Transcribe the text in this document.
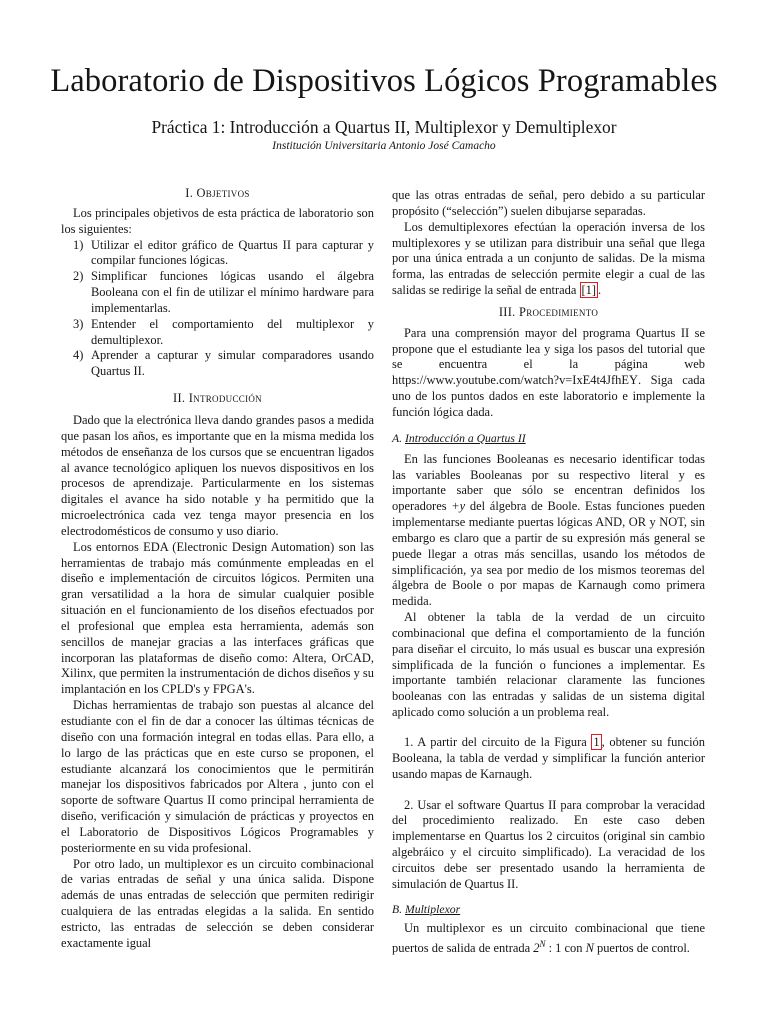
Laboratorio de Dispositivos Lógicos Programables
Práctica 1: Introducción a Quartus II, Multiplexor y Demultiplexor
Institución Universitaria Antonio José Camacho
I. Objetivos

Los principales objetivos de esta práctica de laboratorio son los siguientes:

1) Utilizar el editor gráfico de Quartus II para capturar y compilar funciones lógicas.
2) Simplificar funciones lógicas usando el álgebra Booleana con el fin de utilizar el mínimo hardware para implementarlas.
3) Entender el comportamiento del multiplexor y demultiplexor.
4) Aprender a capturar y simular comparadores usando Quartus II.
II. Introducción

Dado que la electrónica lleva dando grandes pasos a medida que pasan los años, es importante que en la misma medida los métodos de enseñanza de los cursos que se encuentran ligados al avance tecnológico apliquen los nuevos dispositivos en los procesos de aprendizaje. Particularmente en los sistemas digitales el avance ha sido notable y ha permitido que la microelectrónica cada vez tenga mayor presencia en los electrodomésticos de consumo y uso diario.

Los entornos EDA (Electronic Design Automation) son las herramientas de trabajo más comúnmente empleadas en el diseño e implementación de circuitos lógicos. Permiten una gran versatilidad a la hora de simular cualquier posible situación en el funcionamiento de los diseños efectuados por el profesional que emplea esta herramienta, además son sencillos de manejar gracias a las interfaces gráficas que incorporan las plataformas de diseño como: Altera, OrCAD, Xilinx, que permiten la instrumentación de dichos diseños y su implantación en los CPLD's y FPGA's.

Dichas herramientas de trabajo son puestas al alcance del estudiante con el fin de dar a conocer las últimas técnicas de diseño con una formación integral en todas ellas. Para ello, a lo largo de las prácticas que en este curso se proponen, el estudiante alcanzará los conocimientos que le permitirán manejar los dispositivos fabricados por Altera , junto con el soporte de software Quartus II como principal herramienta de diseño, verificación y simulación de prácticas y proyectos en el Laboratorio de Dispositivos Lógicos Programables y posteriormente en su vida profesional.

Por otro lado, un multiplexor es un circuito combinacional de varias entradas de señal y una única salida. Dispone además de unas entradas de selección que permiten redirigir cualquiera de las entradas elegidas a la salida. En sentido estricto, las entradas de selección se deben considerar exactamente igual

que las otras entradas de señal, pero debido a su particular propósito (“selección”) suelen dibujarse separadas.

Los demultiplexores efectúan la operación inversa de los multiplexores y se utilizan para distribuir una señal que llega por una única entrada a un conjunto de salidas. De la misma forma, las entradas de selección permite elegir a cual de las salidas se redirige la señal de entrada [1] .

III. Procedimiento

Para una comprensión mayor del programa Quartus II se propone que el estudiante lea y siga los pasos del tutorial que se encuentra el la página web https://www.youtube.com/watch?v=IxE4t4JfhEY. Siga cada uno de los puntos dados en este laboratorio e implemente la función lógica dada.

A. Introducción a Quartus II

En las funciones Booleanas es necesario identificar todas las variables Booleanas por su respectivo literal y es importante saber que sólo se encentran definidos los operadores +y del álgebra de Boole. Estas funciones pueden implementarse mediante puertas lógicas AND, OR y NOT, sin embargo es claro que a partir de su expresión más general se puede llegar a otras más sencillas, usando los métodos de simplificación, ya sea por medio de los mismos teoremas del álgebra de Boole o por mapas de Karnaugh como primera medida.

Al obtener la tabla de la verdad de un circuito combinacional que defina el comportamiento de la función para diseñar el circuito, lo más usual es buscar una expresión simplificada de la función o funciones a implementar. Es importante también relacionar claramente las funciones booleanas con las entradas y salidas de un sistema digital aplicado como solución a un problema real.

1. A partir del circuito de la Figura 1 , obtener su función Booleana, la tabla de verdad y simplificar la función anterior usando mapas de Karnaugh.

2. Usar el software Quartus II para comprobar la veracidad del procedimiento realizado. En este caso deben implementarse en Quartus los 2 circuitos (original sin cambio algebráico y el circuito simplificado). La veracidad de los circuitos debe ser presentado usando la herramienta de simulación de Quartus II.

B. Multiplexor

Un multiplexor es un circuito combinacional que tiene puertos de salida de entrada $2^N$ : 1 con N puertos de control.
